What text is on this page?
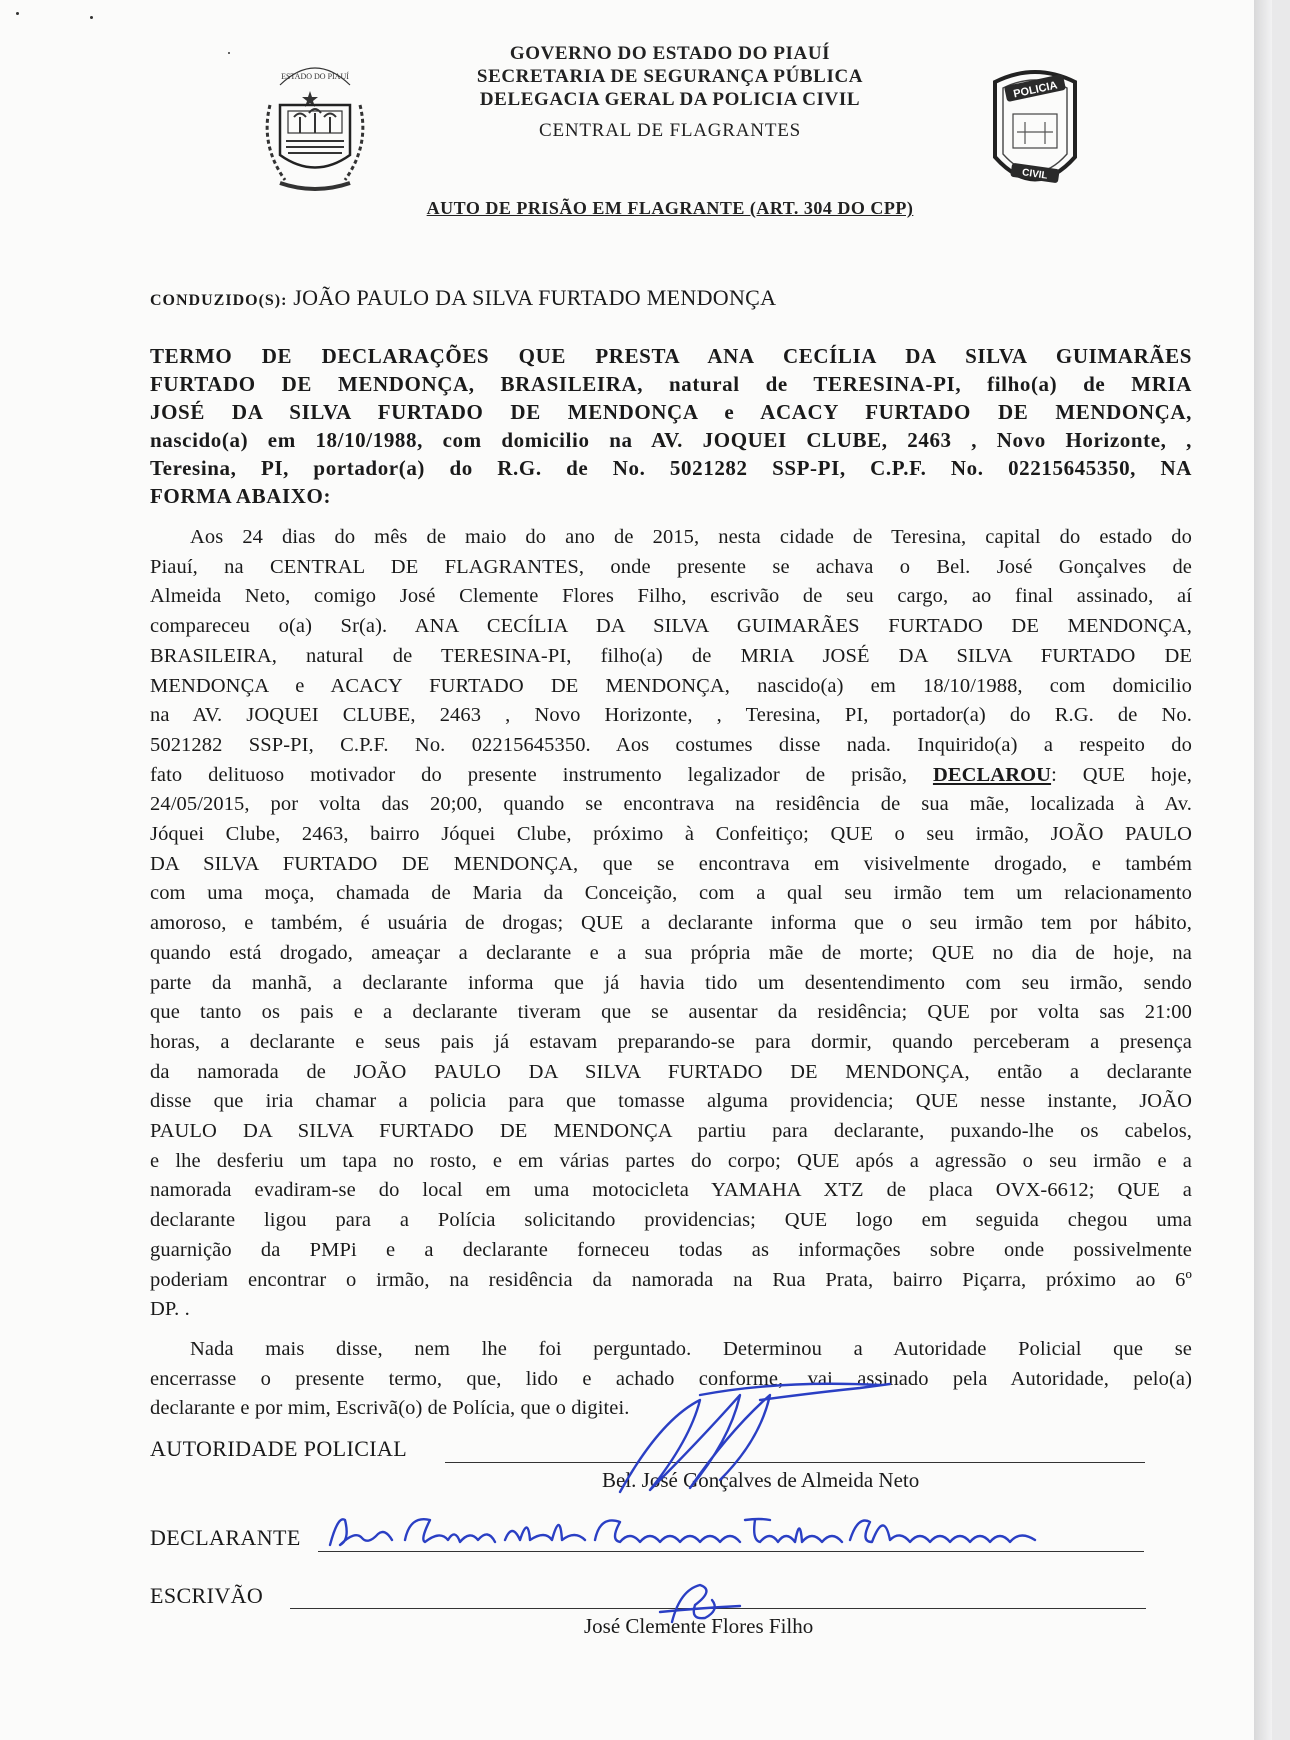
ESTADO DO PIAUÍ
GOVERNO DO ESTADO DO PIAUÍ
SECRETARIA DE SEGURANÇA PÚBLICA
DELEGACIA GERAL DA POLICIA CIVIL
CENTRAL DE FLAGRANTES
POLICIA
CIVIL
AUTO DE PRISÃO EM FLAGRANTE (ART. 304 DO CPP)
CONDUZIDO(S): JOÃO PAULO DA SILVA FURTADO MENDONÇA
TERMO DE DECLARAÇÕES QUE PRESTA ANA CECÍLIA DA SILVA GUIMARÃES
FURTADO DE MENDONÇA, BRASILEIRA, natural de TERESINA-PI, filho(a) de MRIA
JOSÉ DA SILVA FURTADO DE MENDONÇA e ACACY FURTADO DE MENDONÇA,
nascido(a) em 18/10/1988, com domicilio na AV. JOQUEI CLUBE, 2463 , Novo Horizonte, ,
Teresina, PI, portador(a) do R.G. de No. 5021282 SSP-PI, C.P.F. No. 02215645350, NA
FORMA ABAIXO:
Aos 24 dias do mês de maio do ano de 2015, nesta cidade de Teresina, capital do estado do
Piauí, na CENTRAL DE FLAGRANTES, onde presente se achava o Bel. José Gonçalves de
Almeida Neto, comigo José Clemente Flores Filho, escrivão de seu cargo, ao final assinado, aí
compareceu o(a) Sr(a). ANA CECÍLIA DA SILVA GUIMARÃES FURTADO DE MENDONÇA,
BRASILEIRA, natural de TERESINA-PI, filho(a) de MRIA JOSÉ DA SILVA FURTADO DE
MENDONÇA e ACACY FURTADO DE MENDONÇA, nascido(a) em 18/10/1988, com domicilio
na AV. JOQUEI CLUBE, 2463 , Novo Horizonte, , Teresina, PI, portador(a) do R.G. de No.
5021282 SSP-PI, C.P.F. No. 02215645350. Aos costumes disse nada. Inquirido(a) a respeito do
fato delituoso motivador do presente instrumento legalizador de prisão, DECLAROU: QUE hoje,
24/05/2015, por volta das 20;00, quando se encontrava na residência de sua mãe, localizada à Av.
Jóquei Clube, 2463, bairro Jóquei Clube, próximo à Confeitiço; QUE o seu irmão, JOÃO PAULO
DA SILVA FURTADO DE MENDONÇA, que se encontrava em visivelmente drogado, e também
com uma moça, chamada de Maria da Conceição, com a qual seu irmão tem um relacionamento
amoroso, e também, é usuária de drogas; QUE a declarante informa que o seu irmão tem por hábito,
quando está drogado, ameaçar a declarante e a sua própria mãe de morte; QUE no dia de hoje, na
parte da manhã, a declarante informa que já havia tido um desentendimento com seu irmão, sendo
que tanto os pais e a declarante tiveram que se ausentar da residência; QUE por volta sas 21:00
horas, a declarante e seus pais já estavam preparando-se para dormir, quando perceberam a presença
da namorada de JOÃO PAULO DA SILVA FURTADO DE MENDONÇA, então a declarante
disse que iria chamar a policia para que tomasse alguma providencia; QUE nesse instante, JOÃO
PAULO DA SILVA FURTADO DE MENDONÇA partiu para declarante, puxando-lhe os cabelos,
e lhe desferiu um tapa no rosto, e em várias partes do corpo; QUE após a agressão o seu irmão e a
namorada evadiram-se do local em uma motocicleta YAMAHA XTZ de placa OVX-6612; QUE a
declarante ligou para a Polícia solicitando providencias; QUE logo em seguida chegou uma
guarnição da PMPi e a declarante forneceu todas as informações sobre onde possivelmente
poderiam encontrar o irmão, na residência da namorada na Rua Prata, bairro Piçarra, próximo ao 6º
DP. .
Nada mais disse, nem lhe foi perguntado. Determinou a Autoridade Policial que se
encerrasse o presente termo, que, lido e achado conforme, vai assinado pela Autoridade, pelo(a)
declarante e por mim, Escrivã(o) de Polícia, que o digitei.
AUTORIDADE POLICIAL
Bel. José Gonçalves de Almeida Neto
DECLARANTE
ESCRIVÃO
José Clemente Flores Filho
